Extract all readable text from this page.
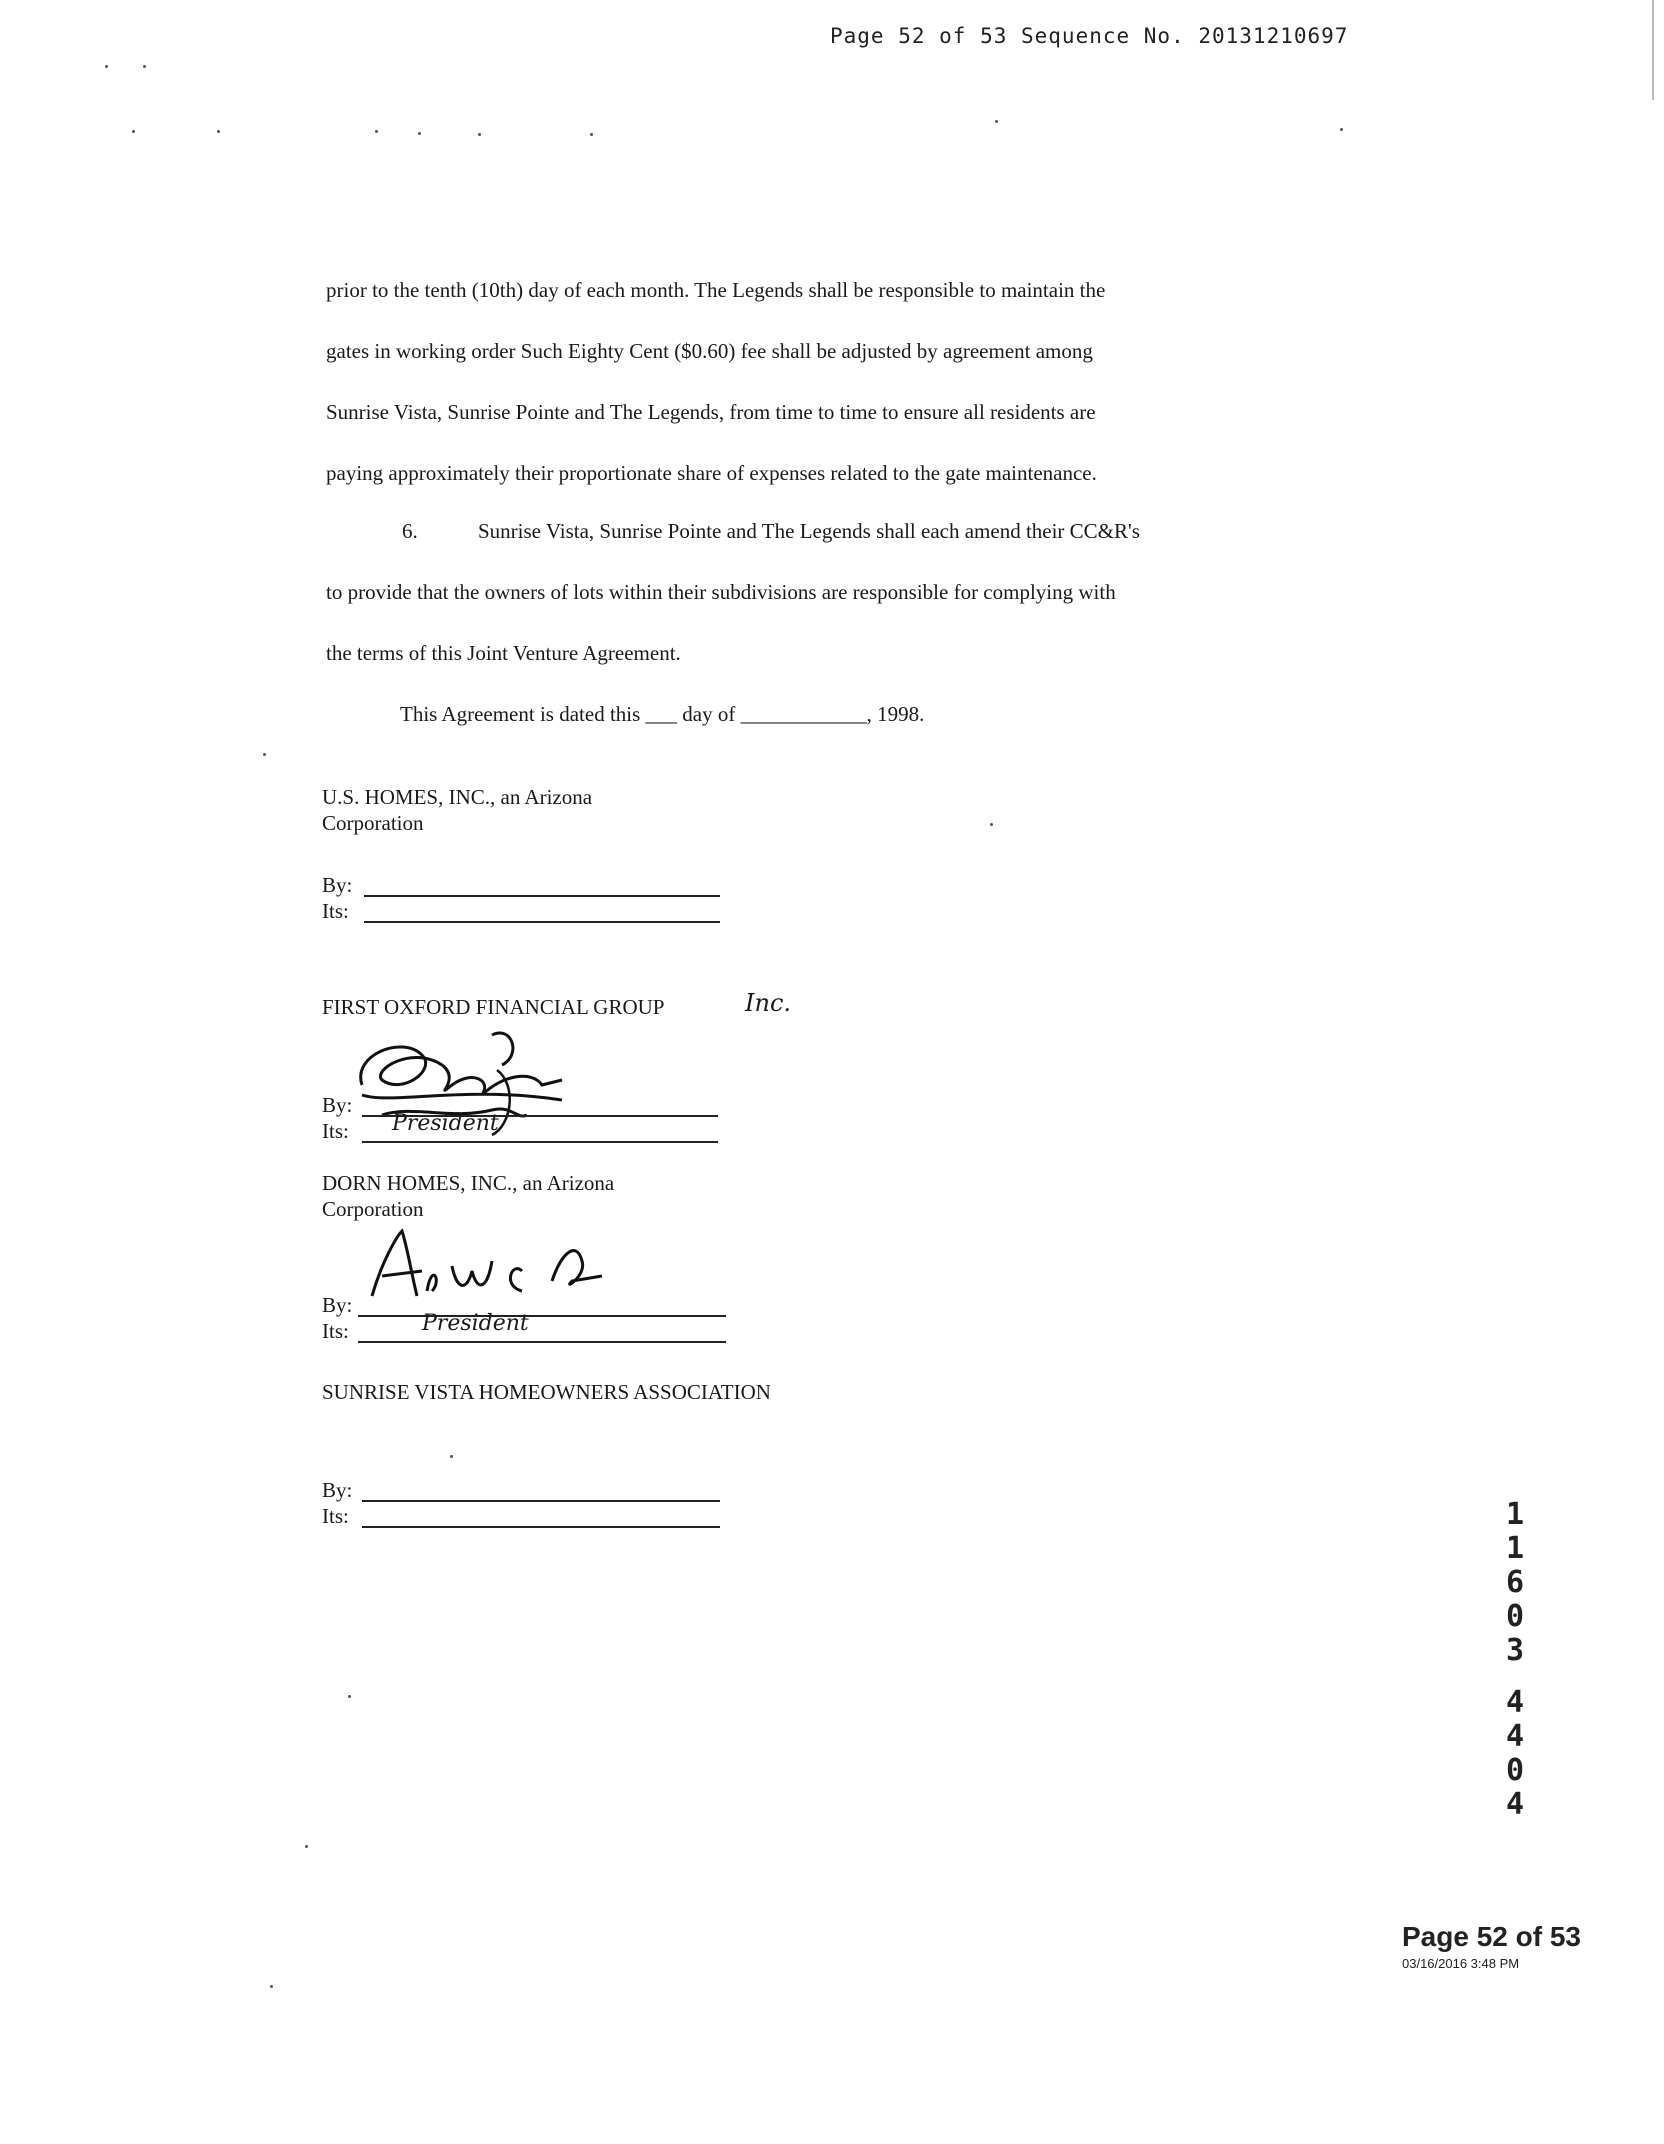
Page 52 of 53 Sequence No. 20131210697
prior to the tenth (10th) day of each month. The Legends shall be responsible to maintain the
gates in working order Such Eighty Cent ($0.60) fee shall be adjusted by agreement among
Sunrise Vista, Sunrise Pointe and The Legends, from time to time to ensure all residents are
paying approximately their proportionate share of expenses related to the gate maintenance.
6.	Sunrise Vista, Sunrise Pointe and The Legends shall each amend their CC&R's
to provide that the owners of lots within their subdivisions are responsible for complying with
the terms of this Joint Venture Agreement.
This Agreement is dated this ___ day of ____________, 1998.
U.S. HOMES, INC., an Arizona
Corporation
By:
Its:
FIRST OXFORD FINANCIAL GROUP	Inc.
By:
Its:
DORN HOMES, INC., an Arizona
Corporation
By:
Its:	President
President
SUNRISE VISTA HOMEOWNERS ASSOCIATION
By:
Its:	1
1
6
0
3
4
4
0
4
Page 52 of 53
03/16/2016 3:48 PM
